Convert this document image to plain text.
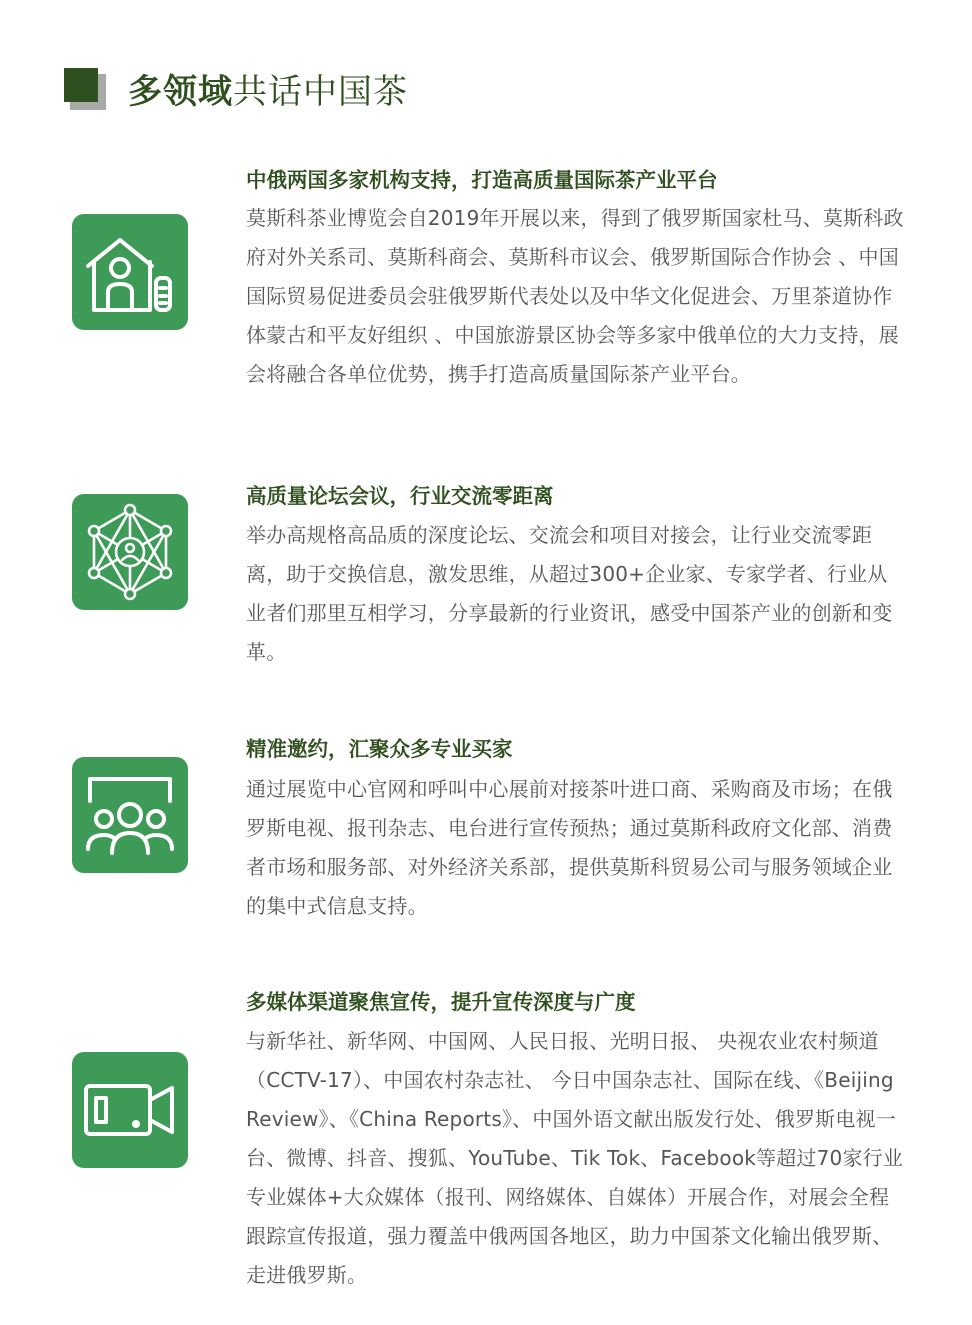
多领域共话中国茶
中俄两国多家机构支持，打造高质量国际茶产业平台
莫斯科茶业博览会自2019年开展以来，得到了俄罗斯国家杜马、莫斯科政府对外关系司、莫斯科商会、莫斯科市议会、俄罗斯国际合作协会 、中国国际贸易促进委员会驻俄罗斯代表处以及中华文化促进会、万里茶道协作体蒙古和平友好组织 、中国旅游景区协会等多家中俄单位的大力支持，展会将融合各单位优势，携手打造高质量国际茶产业平台。
高质量论坛会议，行业交流零距离
举办高规格高品质的深度论坛、交流会和项目对接会，让行业交流零距离，助于交换信息，激发思维，从超过300+企业家、专家学者、行业从业者们那里互相学习，分享最新的行业资讯，感受中国茶产业的创新和变革。
精准邀约，汇聚众多专业买家
通过展览中心官网和呼叫中心展前对接茶叶进口商、采购商及市场；在俄罗斯电视、报刊杂志、电台进行宣传预热；通过莫斯科政府文化部、消费者市场和服务部、对外经济关系部，提供莫斯科贸易公司与服务领域企业的集中式信息支持。
多媒体渠道聚焦宣传，提升宣传深度与广度
与新华社、新华网、中国网、人民日报、光明日报、 央视农业农村频道（CCTV-17）、中国农村杂志社、 今日中国杂志社、国际在线、《Beijing Review》、《China Reports》、中国外语文献出版发行处、俄罗斯电视一台、微博、抖音、搜狐、YouTube、Tik Tok、Facebook等超过70家行业专业媒体+大众媒体（报刊、网络媒体、自媒体）开展合作，对展会全程跟踪宣传报道，强力覆盖中俄两国各地区，助力中国茶文化输出俄罗斯、走进俄罗斯。
